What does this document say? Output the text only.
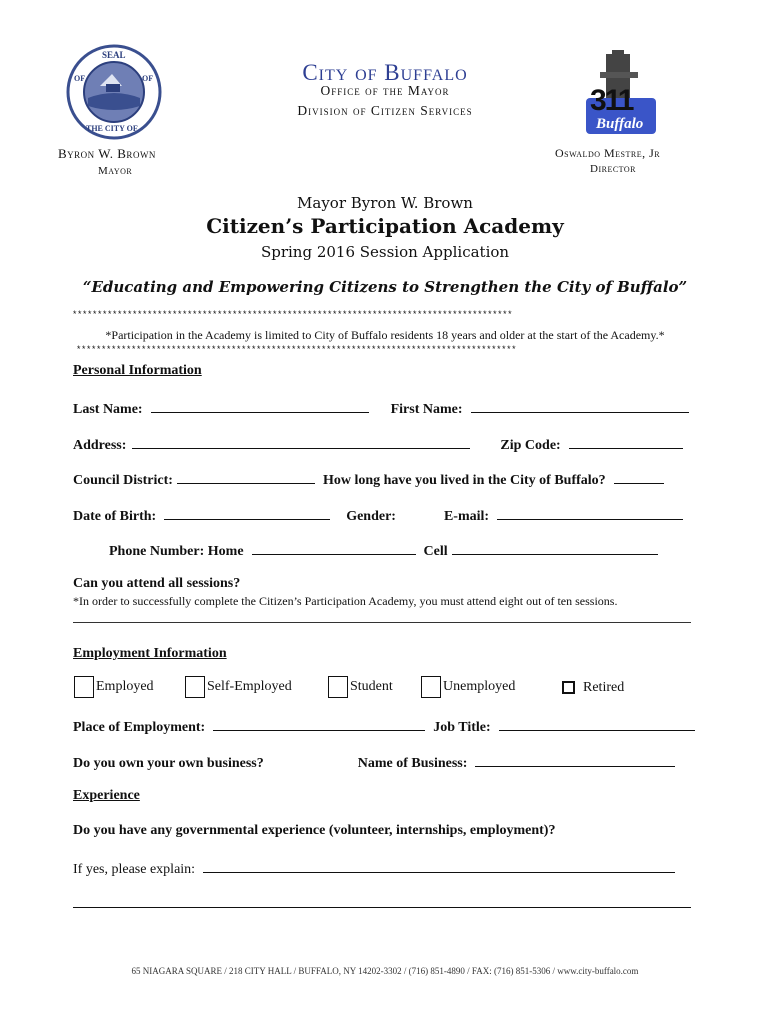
SEAL
OF	OF
THE CITY OF
City of Buffalo
Office of the Mayor
Division of Citizen Services	311
Buffalo
Byron W. Brown
Mayor
Oswaldo Mestre, Jr
Director
Mayor Byron W. Brown
Citizen’s Participation Academy
Spring 2016 Session Application
“Educating and Empowering Citizens to Strengthen the City of Buffalo”
****************************************************************************************
*Participation in the Academy is limited to City of Buffalo residents 18 years and older at the start of the Academy.*
****************************************************************************************
Personal Information
Last Name:	First Name:
Address:	Zip Code:
Council District:	How long have you lived in the City of Buffalo?
Date of Birth:	Gender:	E-mail:
Phone Number: Home	Cell
Can you attend all sessions?
*In order to successfully complete the Citizen’s Participation Academy, you must attend eight out of ten sessions.
Employment Information
Employed	Self-Employed	Student	Unemployed	Retired
Place of Employment:	Job Title:
Do you own your own business?	Name of Business:
Experience
Do you have any governmental experience (volunteer, internships, employment)?
If yes, please explain:
65 NIAGARA SQUARE / 218 CITY HALL / BUFFALO, NY 14202-3302 / (716) 851-4890 / FAX: (716) 851-5306 / www.city-buffalo.com
